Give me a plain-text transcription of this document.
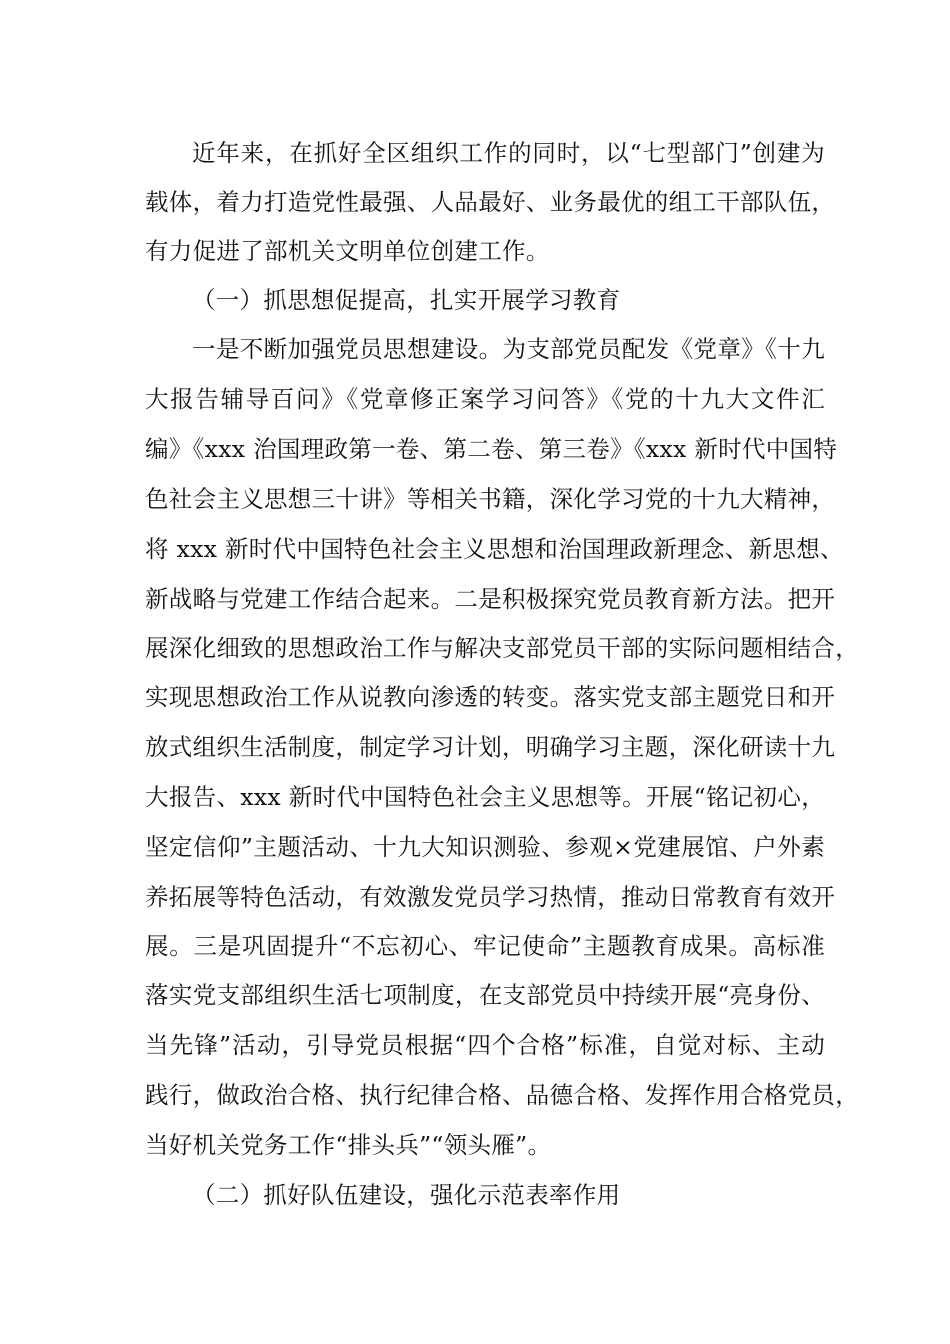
近年来，在抓好全区组织工作的同时，以“七型部门”创建为
载体，着力打造党性最强、人品最好、业务最优的组工干部队伍，
有力促进了部机关文明单位创建工作。
（一）抓思想促提高，扎实开展学习教育
一是不断加强党员思想建设。为支部党员配发《党章》《十九
大报告辅导百问》《党章修正案学习问答》《党的十九大文件汇
编》《xxx 治国理政第一卷、第二卷、第三卷》《xxx 新时代中国特
色社会主义思想三十讲》等相关书籍，深化学习党的十九大精神，
将 xxx 新时代中国特色社会主义思想和治国理政新理念、新思想、
新战略与党建工作结合起来。二是积极探究党员教育新方法。把开
展深化细致的思想政治工作与解决支部党员干部的实际问题相结合，
实现思想政治工作从说教向渗透的转变。落实党支部主题党日和开
放式组织生活制度，制定学习计划，明确学习主题，深化研读十九
大报告、xxx 新时代中国特色社会主义思想等。开展“铭记初心，
坚定信仰”主题活动、十九大知识测验、参观×党建展馆、户外素
养拓展等特色活动，有效激发党员学习热情，推动日常教育有效开
展。三是巩固提升“不忘初心、牢记使命”主题教育成果。高标准
落实党支部组织生活七项制度，在支部党员中持续开展“亮身份、
当先锋”活动，引导党员根据“四个合格”标准，自觉对标、主动
践行，做政治合格、执行纪律合格、品德合格、发挥作用合格党员，
当好机关党务工作“排头兵”“领头雁”。
（二）抓好队伍建设，强化示范表率作用
